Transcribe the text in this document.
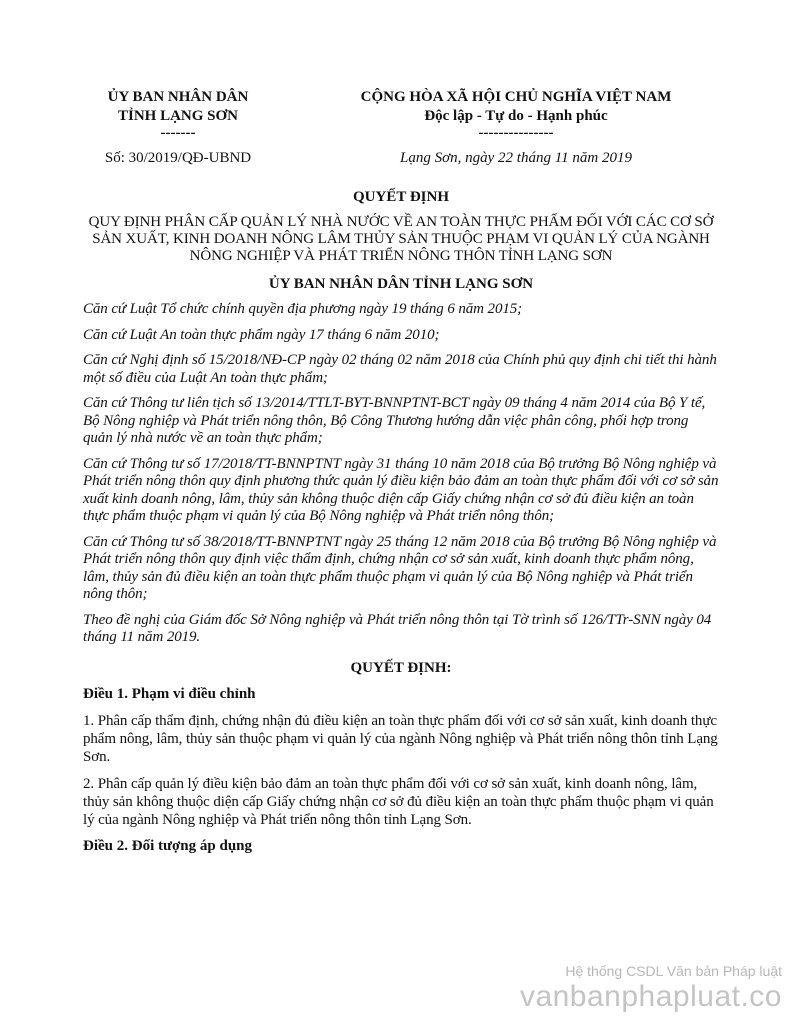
ỦY BAN NHÂN DÂN
TỈNH LẠNG SƠN
-------
Số: 30/2019/QĐ-UBND
CỘNG HÒA XÃ HỘI CHỦ NGHĨA VIỆT NAM
Độc lập - Tự do - Hạnh phúc
---------------
Lạng Sơn, ngày 22 tháng 11 năm 2019
QUYẾT ĐỊNH
QUY ĐỊNH PHÂN CẤP QUẢN LÝ NHÀ NƯỚC VỀ AN TOÀN THỰC PHẨM ĐỐI VỚI CÁC CƠ SỞ SẢN XUẤT, KINH DOANH NÔNG LÂM THỦY SẢN THUỘC PHẠM VI QUẢN LÝ CỦA NGÀNH NÔNG NGHIỆP VÀ PHÁT TRIỂN NÔNG THÔN TỈNH LẠNG SƠN
ỦY BAN NHÂN DÂN TỈNH LẠNG SƠN

Căn cứ Luật Tổ chức chính quyền địa phương ngày 19 tháng 6 năm 2015;

Căn cứ Luật An toàn thực phẩm ngày 17 tháng 6 năm 2010;

Căn cứ Nghị định số 15/2018/NĐ-CP ngày 02 tháng 02 năm 2018 của Chính phủ quy định chi tiết thi hành một số điều của Luật An toàn thực phẩm;

Căn cứ Thông tư liên tịch số 13/2014/TTLT-BYT-BNNPTNT-BCT ngày 09 tháng 4 năm 2014 của Bộ Y tế, Bộ Nông nghiệp và Phát triển nông thôn, Bộ Công Thương hướng dẫn việc phân công, phối hợp trong quản lý nhà nước về an toàn thực phẩm;

Căn cứ Thông tư số 17/2018/TT-BNNPTNT ngày 31 tháng 10 năm 2018 của Bộ trưởng Bộ Nông nghiệp và Phát triển nông thôn quy định phương thức quản lý điều kiện bảo đảm an toàn thực phẩm đối với cơ sở sản xuất kinh doanh nông, lâm, thủy sản không thuộc diện cấp Giấy chứng nhận cơ sở đủ điều kiện an toàn thực phẩm thuộc phạm vi quản lý của Bộ Nông nghiệp và Phát triển nông thôn;

Căn cứ Thông tư số 38/2018/TT-BNNPTNT ngày 25 tháng 12 năm 2018 của Bộ trưởng Bộ Nông nghiệp và Phát triển nông thôn quy định việc thẩm định, chứng nhận cơ sở sản xuất, kinh doanh thực phẩm nông, lâm, thủy sản đủ điều kiện an toàn thực phẩm thuộc phạm vi quản lý của Bộ Nông nghiệp và Phát triển nông thôn;

Theo đề nghị của Giám đốc Sở Nông nghiệp và Phát triển nông thôn tại Tờ trình số 126/TTr-SNN ngày 04 tháng 11 năm 2019.

QUYẾT ĐỊNH:
Điều 1. Phạm vi điều chỉnh
1. Phân cấp thẩm định, chứng nhận đủ điều kiện an toàn thực phẩm đối với cơ sở sản xuất, kinh doanh thực phẩm nông, lâm, thủy sản thuộc phạm vi quản lý của ngành Nông nghiệp và Phát triển nông thôn tỉnh Lạng Sơn.
2. Phân cấp quản lý điều kiện bảo đảm an toàn thực phẩm đối với cơ sở sản xuất, kinh doanh nông, lâm, thủy sản không thuộc diện cấp Giấy chứng nhận cơ sở đủ điều kiện an toàn thực phẩm thuộc phạm vi quản lý của ngành Nông nghiệp và Phát triển nông thôn tỉnh Lạng Sơn.
Điều 2. Đối tượng áp dụng
Hệ thống CSDL Văn bản Pháp luật
vanbanphapluat.co
